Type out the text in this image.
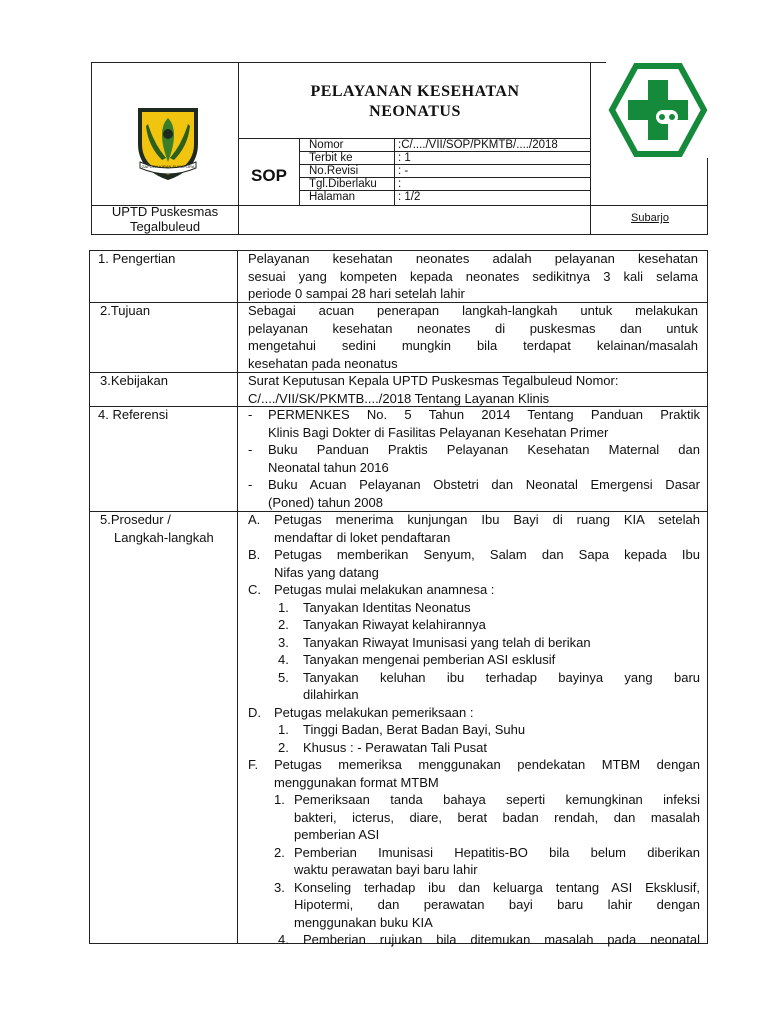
GAPURA KIRAN SUKAPURA
PELAYANAN KESEHATAN
NEONATUS
SOP
Nomor	:C/..../VII/SOP/PKMTB/..../2018
Terbit ke	: 1
No.Revisi	: -
Tgl.Diberlaku :
Halaman	: 1/2
UPTD Puskesmas
Tegalbuleud
Subarjo
1. Pengertian	Pelayanan kesehatan neonates adalah pelayanan kesehatan
sesuai yang kompeten kepada neonates sedikitnya 3 kali selama
periode 0 sampai 28 hari setelah lahir
2.Tujuan	Sebagai acuan penerapan langkah-langkah untuk melakukan
pelayanan kesehatan neonates di puskesmas dan untuk
mengetahui sedini mungkin bila terdapat kelainan/masalah
kesehatan pada neonatus
3.Kebijakan	Surat Keputusan Kepala UPTD Puskesmas Tegalbuleud Nomor:
C/..../VII/SK/PKMTB..../2018 Tentang Layanan Klinis
4. Referensi	- PERMENKES No. 5 Tahun 2014 Tentang Panduan Praktik
Klinis Bagi Dokter di Fasilitas Pelayanan Kesehatan Primer
- Buku Panduan Praktis Pelayanan Kesehatan Maternal dan
Neonatal tahun 2016
- Buku Acuan Pelayanan Obstetri dan Neonatal Emergensi Dasar
(Poned) tahun 2008
5.Prosedur /
Langkah-langkah
A. Petugas menerima kunjungan Ibu Bayi di ruang KIA setelah
mendaftar di loket pendaftaran
B. Petugas memberikan Senyum, Salam dan Sapa kepada Ibu
Nifas yang datang
C. Petugas mulai melakukan anamnesa :
1. Tanyakan Identitas Neonatus
2. Tanyakan Riwayat kelahirannya
3. Tanyakan Riwayat Imunisasi yang telah di berikan
4. Tanyakan mengenai pemberian ASI esklusif
5. Tanyakan keluhan ibu terhadap bayinya yang baru
dilahirkan
D. Petugas melakukan pemeriksaan :
1. Tinggi Badan, Berat Badan Bayi, Suhu
2. Khusus : - Perawatan Tali Pusat
F. Petugas memeriksa menggunakan pendekatan MTBM dengan
menggunakan format MTBM
1. Pemeriksaan tanda bahaya seperti kemungkinan infeksi
bakteri, icterus, diare, berat badan rendah, dan masalah
pemberian ASI
2. Pemberian Imunisasi Hepatitis-BO bila belum diberikan
waktu perawatan bayi baru lahir
3. Konseling terhadap ibu dan keluarga tentang ASI Eksklusif,
Hipotermi, dan perawatan bayi baru lahir dengan
menggunakan buku KIA
4. Pemberian rujukan bila ditemukan masalah pada neonatal
